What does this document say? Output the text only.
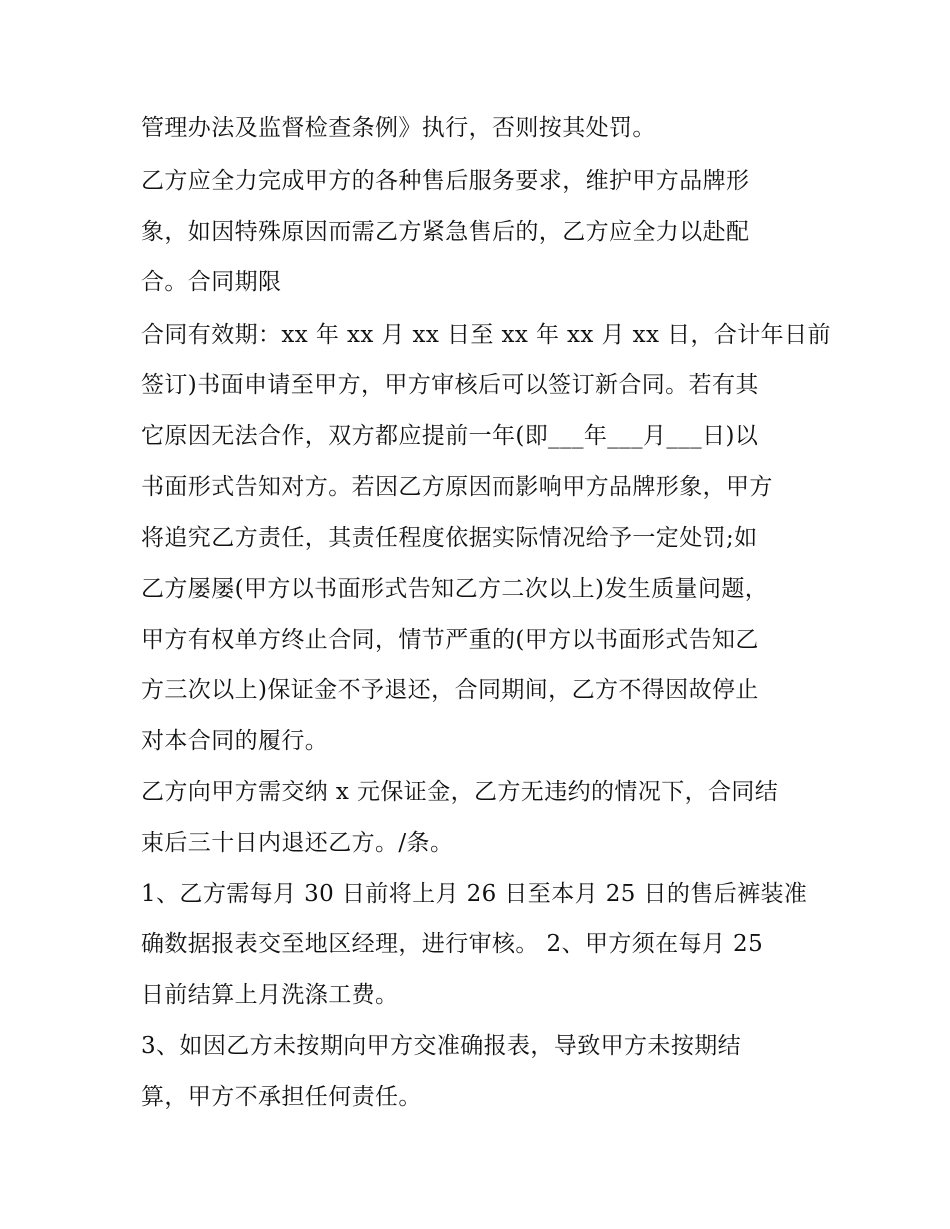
管理办法及监督检查条例》执行，否则按其处罚。
乙方应全力完成甲方的各种售后服务要求，维护甲方品牌形
象，如因特殊原因而需乙方紧急售后的，乙方应全力以赴配
合。合同期限
合同有效期：xx 年 xx 月 xx 日至 xx 年 xx 月 xx 日，合计年日前
签订)书面申请至甲方，甲方审核后可以签订新合同。若有其
它原因无法合作，双方都应提前一年(即___年___月___日)以
书面形式告知对方。若因乙方原因而影响甲方品牌形象，甲方
将追究乙方责任，其责任程度依据实际情况给予一定处罚;如
乙方屡屡(甲方以书面形式告知乙方二次以上)发生质量问题，
甲方有权单方终止合同，情节严重的(甲方以书面形式告知乙
方三次以上)保证金不予退还，合同期间，乙方不得因故停止
对本合同的履行。
乙方向甲方需交纳 x 元保证金，乙方无违约的情况下，合同结
束后三十日内退还乙方。/条。
1、乙方需每月 30 日前将上月 26 日至本月 25 日的售后裤装准
确数据报表交至地区经理，进行审核。 2、甲方须在每月 25
日前结算上月洗涤工费。
3、如因乙方未按期向甲方交准确报表，导致甲方未按期结
算，甲方不承担任何责任。
